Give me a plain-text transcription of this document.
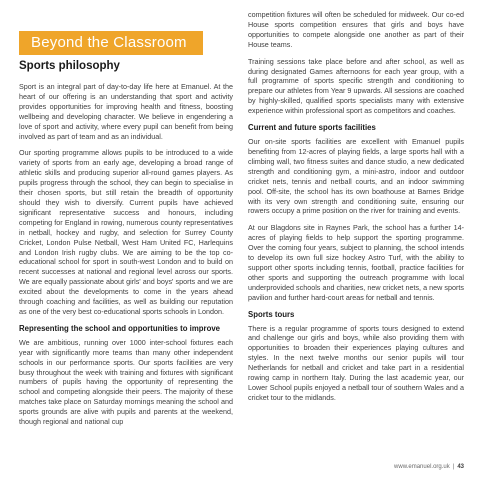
Beyond the Classroom
Sports philosophy

Sport is an integral part of day-to-day life here at Emanuel. At the heart of our offering is an understanding that sport and activity provides opportunities for improving health and fitness, boosting wellbeing and developing character. We believe in engendering a love of sport and activity, where every pupil can benefit from being involved as part of team and as an individual.

Our sporting programme allows pupils to be introduced to a wide variety of sports from an early age, developing a broad range of athletic skills and producing superior all-round games players. As pupils progress through the school, they can begin to specialise in their chosen sports, but still retain the breadth of opportunity should they wish to diversify. Current pupils have achieved significant representative success and honours, including competing for England in rowing, numerous county representatives in netball, hockey and rugby, and selection for Surrey County Cricket, London Pulse Netball, West Ham United FC, Harlequins and London Irish rugby clubs. We are aiming to be the top co-educational school for sport in south-west London and to build on recent successes at national and regional level across our sports. We are equally passionate about girls' and boys' sports and we are excited about the developments to come in the years ahead through coaching and facilities, as well as building our reputation as one of the very best co-educational sports schools in London.

Representing the school and opportunities to improve

We are ambitious, running over 1000 inter-school fixtures each year with significantly more teams than many other independent schools in our performance sports. Our sports facilities are very busy throughout the week with training and fixtures with significant numbers of pupils having the opportunity of representing the school and competing alongside their peers. The majority of these matches take place on Saturday mornings meaning the school and sports grounds are alive with pupils and parents at the weekend, though regional and national cup

competition fixtures will often be scheduled for midweek. Our co-ed House sports competition ensures that girls and boys have opportunities to compete alongside one another as part of their House teams.

Training sessions take place before and after school, as well as during designated Games afternoons for each year group, with a full programme of sports specific strength and conditioning to prepare our athletes from Year 9 upwards. All sessions are coached by highly-skilled, qualified sports specialists many with extensive experience within professional sport as competitors and coaches.

Current and future sports facilities

Our on-site sports facilities are excellent with Emanuel pupils benefiting from 12-acres of playing fields, a large sports hall with a climbing wall, two fitness suites and dance studio, a new dedicated strength and conditioning gym, a mini-astro, indoor and outdoor cricket nets, tennis and netball courts, and an indoor swimming pool. Off-site, the school has its own boathouse at Barnes Bridge with its very own strength and conditioning suite, ensuring our rowers occupy a prime position on the river for training and events.

At our Blagdons site in Raynes Park, the school has a further 14-acres of playing fields to help support the sporting programme. Over the coming four years, subject to planning, the school intends to develop its own full size hockey Astro Turf, with the ability to support other sports including tennis, football, practice facilities for other sports and supporting the outreach programme with local underprovided schools and charities, new cricket nets, a new sports pavilion and further hard-court areas for netball and tennis.

Sports tours

There is a regular programme of sports tours designed to extend and challenge our girls and boys, while also providing them with opportunities to broaden their experiences playing cultures and styles. In the next twelve months our senior pupils will tour Netherlands for netball and cricket and take part in a residential rowing camp in northern Italy. During the last academic year, our Lower School pupils enjoyed a netball tour of southern Wales and a cricket tour to the midlands.

www.emanuel.org.uk | 43
